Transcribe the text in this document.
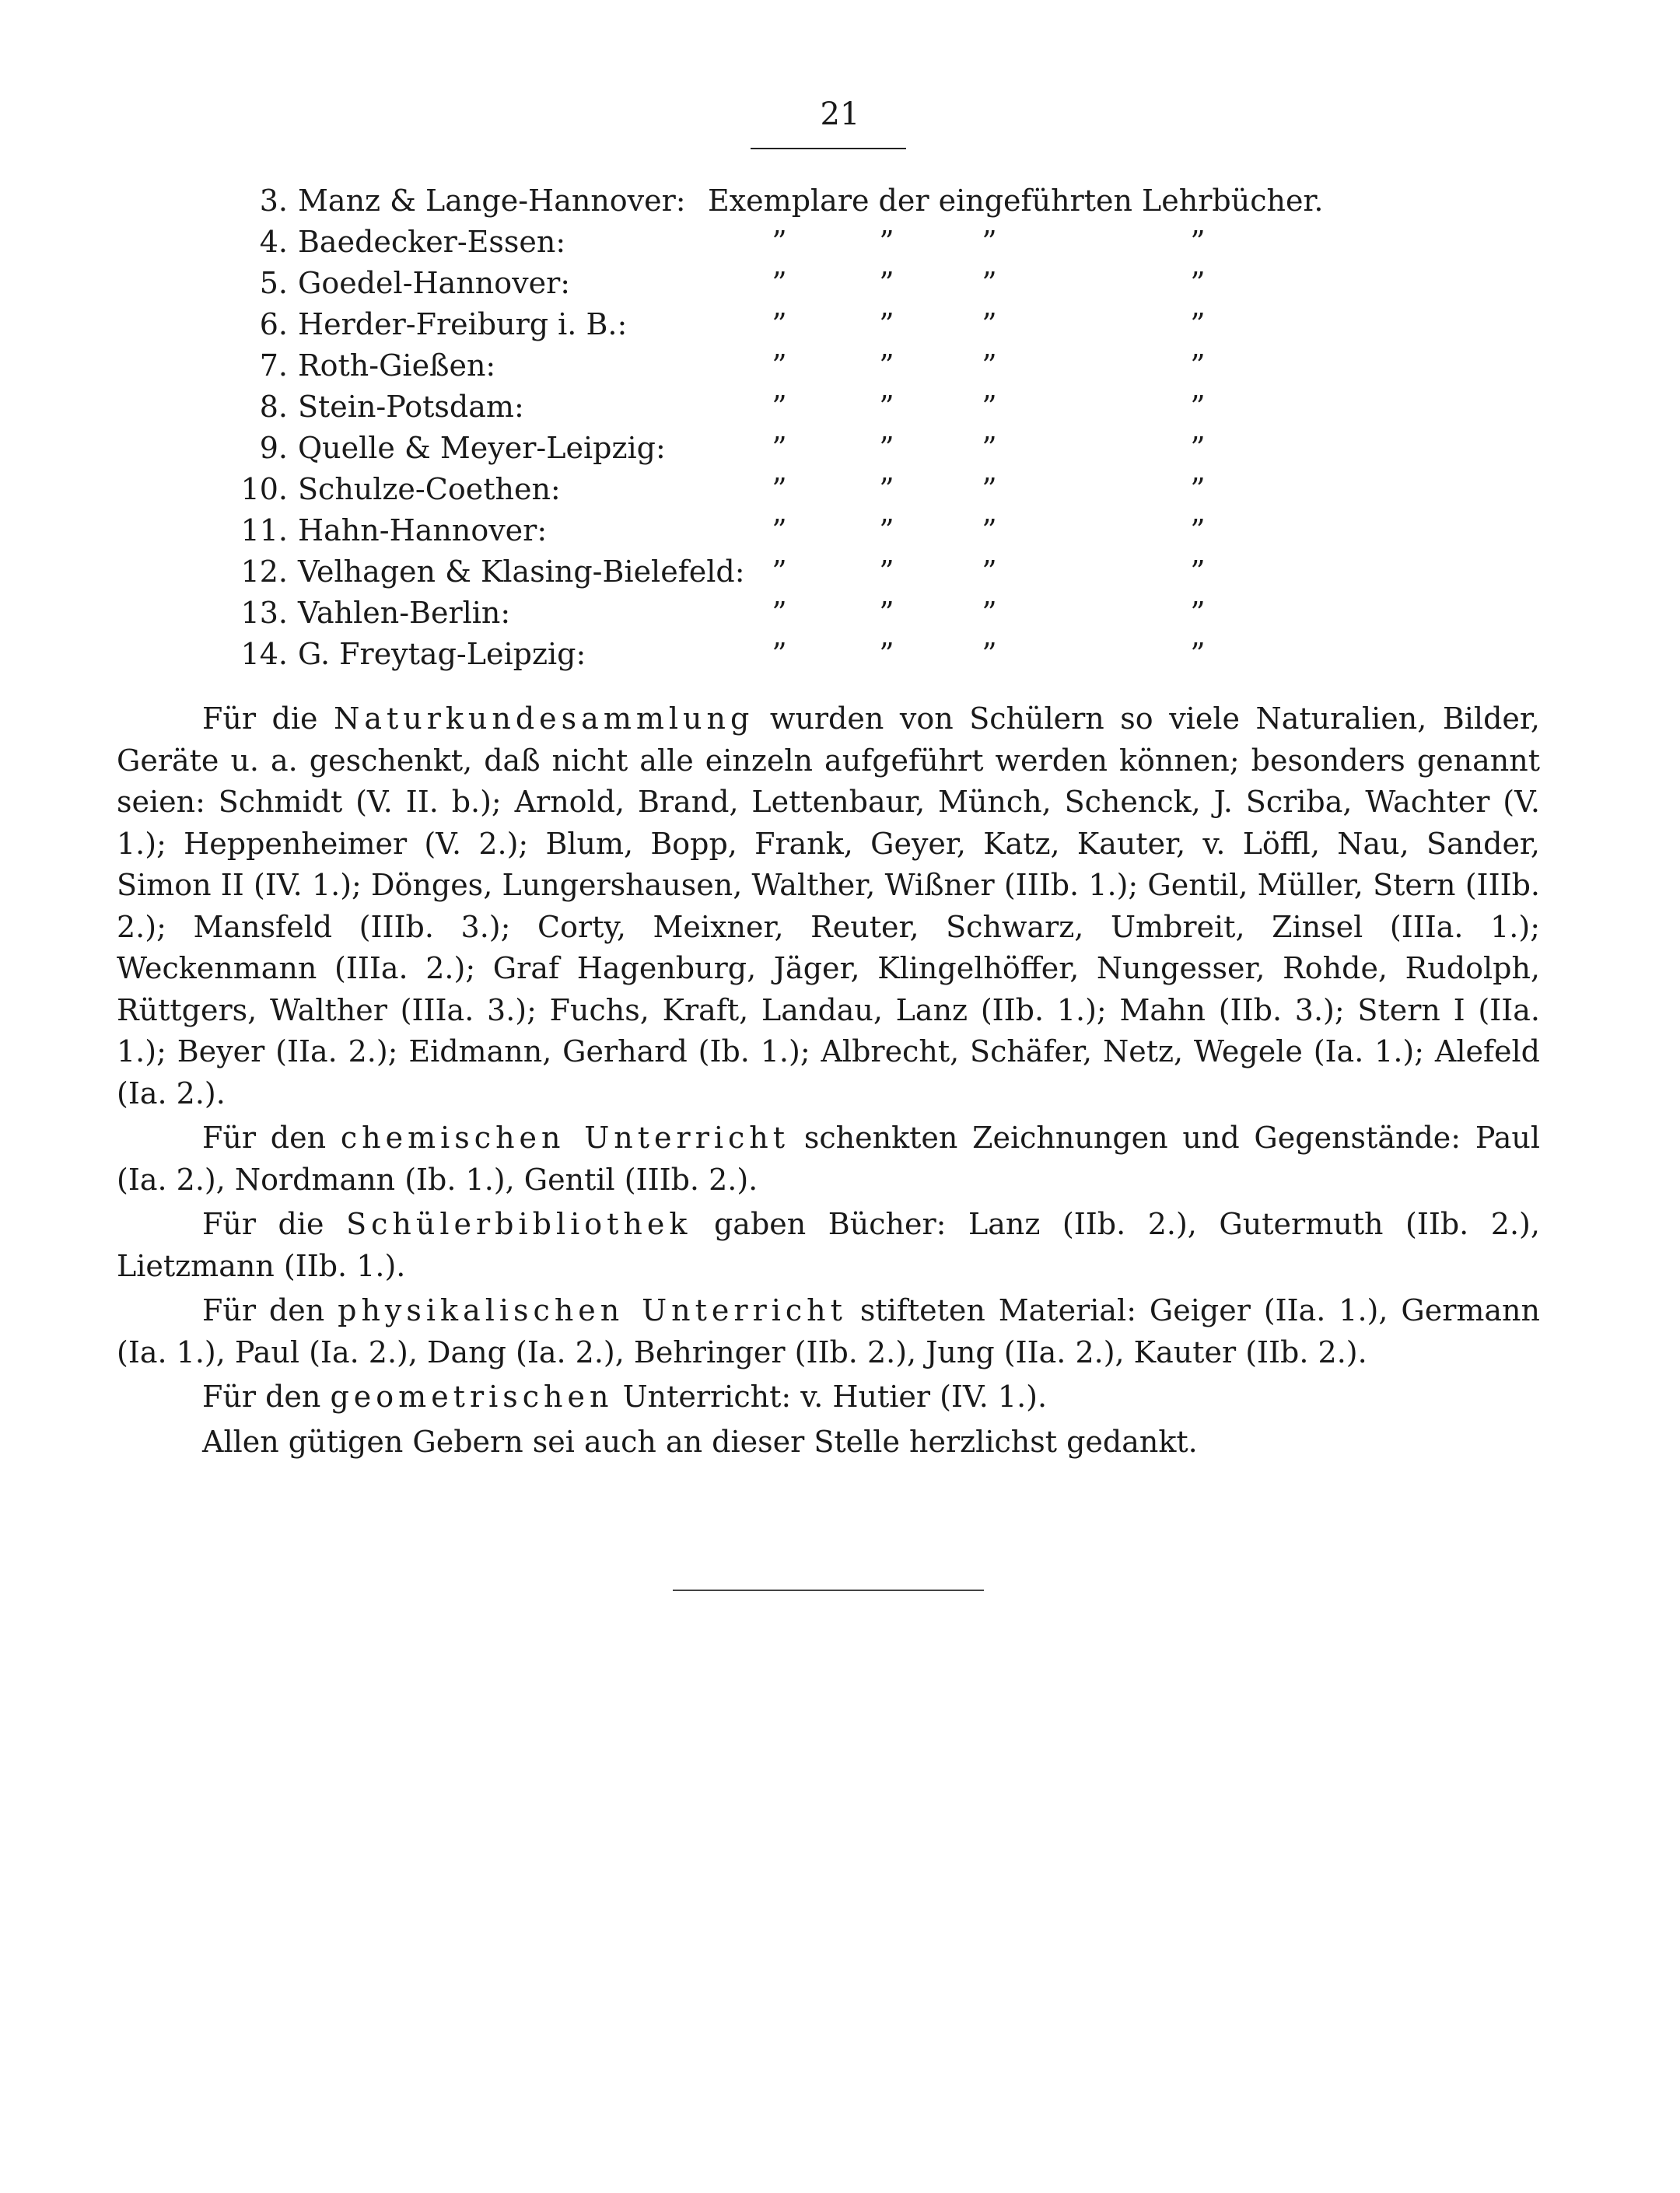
21
3. Manz & Lange-Hannover: Exemplare der eingeführten Lehrbücher.
4. Baedecker-Essen:	”	”	”	”
5. Goedel-Hannover:	”	”	”	”
6. Herder-Freiburg i. B.:	”	”	”	”
7. Roth-Gießen:	”	”	”	”
8. Stein-Potsdam:	”	”	”	”
9. Quelle & Meyer-Leipzig:	”	”	”	”
10. Schulze-Coethen:	”	”	”	”
11. Hahn-Hannover:	”	”	”	”
12. Velhagen & Klasing-Bielefeld: ”	”	”	”
13. Vahlen-Berlin:	”	”	”	”
14. G. Freytag-Leipzig:	”	”	”	”

Für die Naturkundesammlung wurden von Schülern so viele Naturalien, Bilder, Geräte u. a. geschenkt, daß nicht alle einzeln aufgeführt werden können; besonders genannt seien: Schmidt (V. II. b.); Arnold, Brand, Lettenbaur, Münch, Schenck, J. Scriba, Wachter (V. 1.); Heppenheimer (V. 2.); Blum, Bopp, Frank, Geyer, Katz, Kauter, v. Löffl, Nau, Sander, Simon II (IV. 1.); Dönges, Lungershausen, Walther, Wißner (IIIb. 1.); Gentil, Müller, Stern (IIIb. 2.); Mansfeld (IIIb. 3.); Corty, Meixner, Reuter, Schwarz, Umbreit, Zinsel (IIIa. 1.); Weckenmann (IIIa. 2.); Graf Hagenburg, Jäger, Klingelhöffer, Nungesser, Rohde, Rudolph, Rüttgers, Walther (IIIa. 3.); Fuchs, Kraft, Landau, Lanz (IIb. 1.); Mahn (IIb. 3.); Stern I (IIa. 1.); Beyer (IIa. 2.); Eidmann, Gerhard (Ib. 1.); Albrecht, Schäfer, Netz, Wegele (Ia. 1.); Alefeld (Ia. 2.).

Für den chemischen Unterricht schenkten Zeichnungen und Gegenstände: Paul (Ia. 2.), Nordmann (Ib. 1.), Gentil (IIIb. 2.).

Für die Schülerbibliothek gaben Bücher: Lanz (IIb. 2.), Gutermuth (IIb. 2.), Lietzmann (IIb. 1.).

Für den physikalischen Unterricht stifteten Material: Geiger (IIa. 1.), Germann (Ia. 1.), Paul (Ia. 2.), Dang (Ia. 2.), Behringer (IIb. 2.), Jung (IIa. 2.), Kauter (IIb. 2.).

Für den geometrischen Unterricht: v. Hutier (IV. 1.).

Allen gütigen Gebern sei auch an dieser Stelle herzlichst gedankt.
